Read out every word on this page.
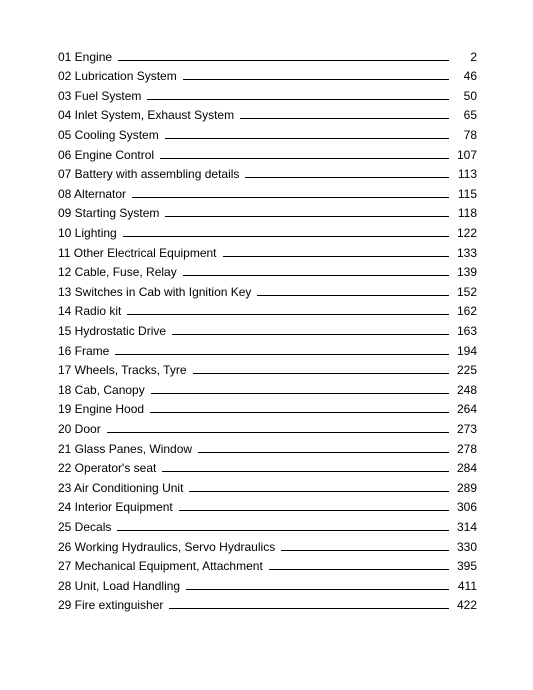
01 Engine	2
02 Lubrication System	46
03 Fuel System	50
04 Inlet System, Exhaust System	65
05 Cooling System	78
06 Engine Control	107
07 Battery with assembling details	113
08 Alternator	115
09 Starting System	118
10 Lighting	122
11 Other Electrical Equipment	133
12 Cable, Fuse, Relay	139
13 Switches in Cab with Ignition Key	152
14 Radio kit	162
15 Hydrostatic Drive	163
16 Frame	194
17 Wheels, Tracks, Tyre	225
18 Cab, Canopy	248
19 Engine Hood	264
20 Door	273
21 Glass Panes, Window	278
22 Operator's seat	284
23 Air Conditioning Unit	289
24 Interior Equipment	306
25 Decals	314
26 Working Hydraulics, Servo Hydraulics	330
27 Mechanical Equipment, Attachment	395
28 Unit, Load Handling	411
29 Fire extinguisher	422
